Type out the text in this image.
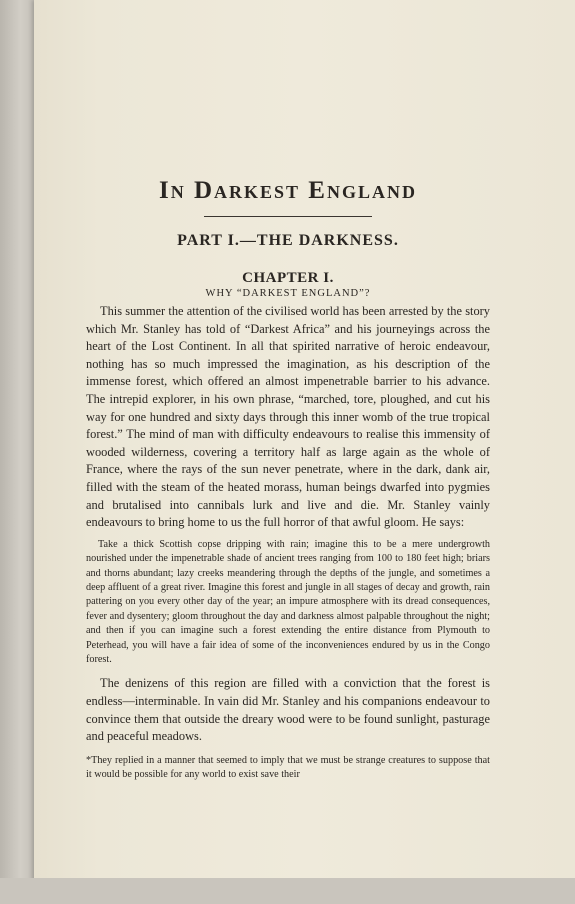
In Darkest England
PART I.—THE DARKNESS.
CHAPTER I.
WHY “DARKEST ENGLAND”?

This summer the attention of the civilised world has been arrested by the story which Mr. Stanley has told of “Darkest Africa” and his journeyings across the heart of the Lost Continent. In all that spirited narrative of heroic endeavour, nothing has so much impressed the imagination, as his description of the immense forest, which offered an almost impenetrable barrier to his advance. The intrepid explorer, in his own phrase, “marched, tore, ploughed, and cut his way for one hundred and sixty days through this inner womb of the true tropical forest.” The mind of man with difficulty endeavours to realise this immensity of wooded wilderness, covering a territory half as large again as the whole of France, where the rays of the sun never penetrate, where in the dark, dank air, filled with the steam of the heated morass, human beings dwarfed into pygmies and brutalised into cannibals lurk and live and die. Mr. Stanley vainly endeavours to bring home to us the full horror of that awful gloom. He says:

Take a thick Scottish copse dripping with rain; imagine this to be a mere undergrowth nourished under the impenetrable shade of ancient trees ranging from 100 to 180 feet high; briars and thorns abundant; lazy creeks meandering through the depths of the jungle, and sometimes a deep affluent of a great river. Imagine this forest and jungle in all stages of decay and growth, rain pattering on you every other day of the year; an impure atmosphere with its dread consequences, fever and dysentery; gloom throughout the day and darkness almost palpable throughout the night; and then if you can imagine such a forest extending the entire distance from Plymouth to Peterhead, you will have a fair idea of some of the inconveniences endured by us in the Congo forest.

The denizens of this region are filled with a conviction that the forest is endless—interminable. In vain did Mr. Stanley and his companions endeavour to convince them that outside the dreary wood were to be found sunlight, pasturage and peaceful meadows.

*They replied in a manner that seemed to imply that we must be strange creatures to suppose that it would be possible for any world to exist save their
